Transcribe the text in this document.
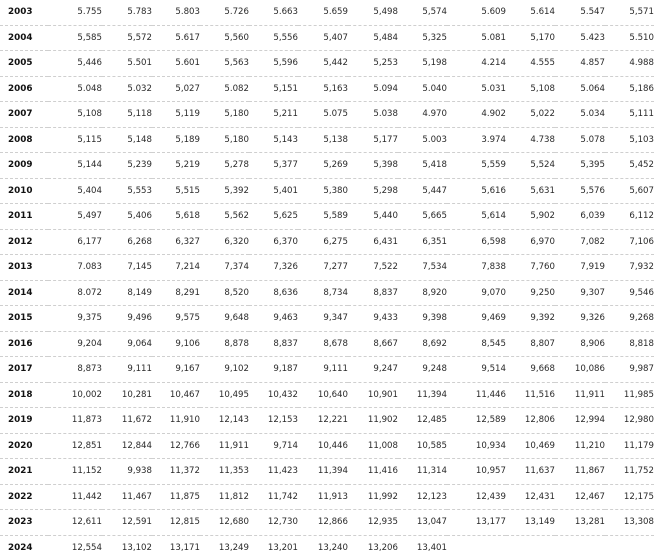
2003	5.755	5.783	5.803	5.726	5.663	5.659	5,498	5,574	5.609	5.614	5.547	5,571
2004	5,585	5,572	5.617	5,560	5,556	5,407	5,484	5,325	5.081	5,170	5.423	5.510
2005	5,446	5.501	5.601	5,563	5,596	5,442	5,253	5,198	4.214	4.555	4.857	4.988
2006	5.048	5.032	5,027	5.082	5,151	5,163	5.094	5.040	5.031	5,108	5.064	5,186
2007	5,108	5,118	5,119	5,180	5,211	5.075	5.038	4.970	4.902	5,022	5.034	5,111
2008	5,115	5,148	5,189	5,180	5,143	5,138	5,177	5.003	3.974	4.738	5.078	5,103
2009	5,144	5,239	5,219	5,278	5,377	5,269	5,398	5,418	5,559	5,524	5,395	5,452
2010	5,404	5,553	5,515	5,392	5,401	5,380	5,298	5,447	5,616	5,631	5,576	5,607
2011	5,497	5,406	5,618	5,562	5,625	5,589	5,440	5,665	5,614	5,902	6,039	6,112
2012	6,177	6,268	6,327	6,320	6,370	6,275	6,431	6,351	6,598	6,970	7,082	7,106
2013	7.083	7,145	7,214	7,374	7,326	7,277	7,522	7,534	7,838	7,760	7,919	7,932
2014	8.072	8,149	8,291	8,520	8,636	8,734	8,837	8,920	9,070	9,250	9,307	9,546
2015	9,375	9,496	9,575	9,648	9,463	9,347	9,433	9,398	9,469	9,392	9,326	9,268
2016	9,204	9,064	9,106	8,878	8,837	8,678	8,667	8,692	8,545	8,807	8,906	8,818
2017	8,873	9,111	9,167	9,102	9,187	9,111	9,247	9,248	9,514	9,668	10,086	9,987
2018	10,002	10,281	10,467	10,495	10,432	10,640	10,901	11,394	11,446	11,516	11,911	11,985
2019	11,873	11,672	11,910	12,143	12,153	12,221	11,902	12,485	12,589	12,806	12,994	12,980
2020	12,851	12,844	12,766	11,911	9,714	10,446	11,008	10,585	10,934	10,469	11,210	11,179
2021	11,152	9,938	11,372	11,353	11,423	11,394	11,416	11,314	10,957	11,637	11,867	11,752
2022	11,442	11,467	11,875	11,812	11,742	11,913	11,992	12,123	12,439	12,431	12,467	12,175
2023	12,611	12,591	12,815	12,680	12,730	12,866	12,935	13,047	13,177	13,149	13,281	13,308
2024	12,554	13,102	13,171	13,249	13,201	13,240	13,206	13,401				
